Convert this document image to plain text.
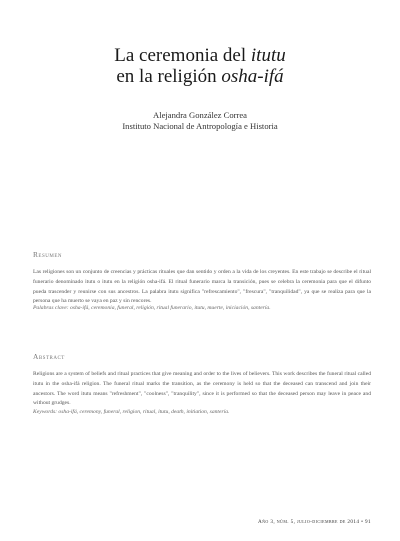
La ceremonia del itutu
en la religión osha-ifá
Alejandra González Correa
Instituto Nacional de Antropología e Historia
Resumen

Las religiones son un conjunto de creencias y prácticas rituales que dan sentido y orden a la vida de los creyentes. En este trabajo se describe el ritual funerario denominado itutu o itutu en la religión osha-ifá. El ritual funerario marca la transición, pues se celebra la ceremonia para que el difunto pueda trascender y reunirse con sus ancestros. La palabra itutu significa "refrescamiento", "frescura", "tranquilidad", ya que se realiza para que la persona que ha muerto se vaya en paz y sin rencores.

Palabras clave: osha-ifá, ceremonia, funeral, religión, ritual funerario, itutu, muerte, iniciación, santería.

Abstract

Religions are a system of beliefs and ritual practices that give meaning and order to the lives of believers. This work describes the funeral ritual called itutu in the osha-ifá religion. The funeral ritual marks the transition, as the ceremony is held so that the deceased can transcend and join their ancestors. The word itutu means "refreshment", "coolness", "tranquility", since it is performed so that the deceased person may leave in peace and without grudges.

Keywords: osha-ifá, ceremony, funeral, religion, ritual, itutu, death, initiation, santería.

Año 3, núm. 5, julio-diciembre de 2014 • 91
